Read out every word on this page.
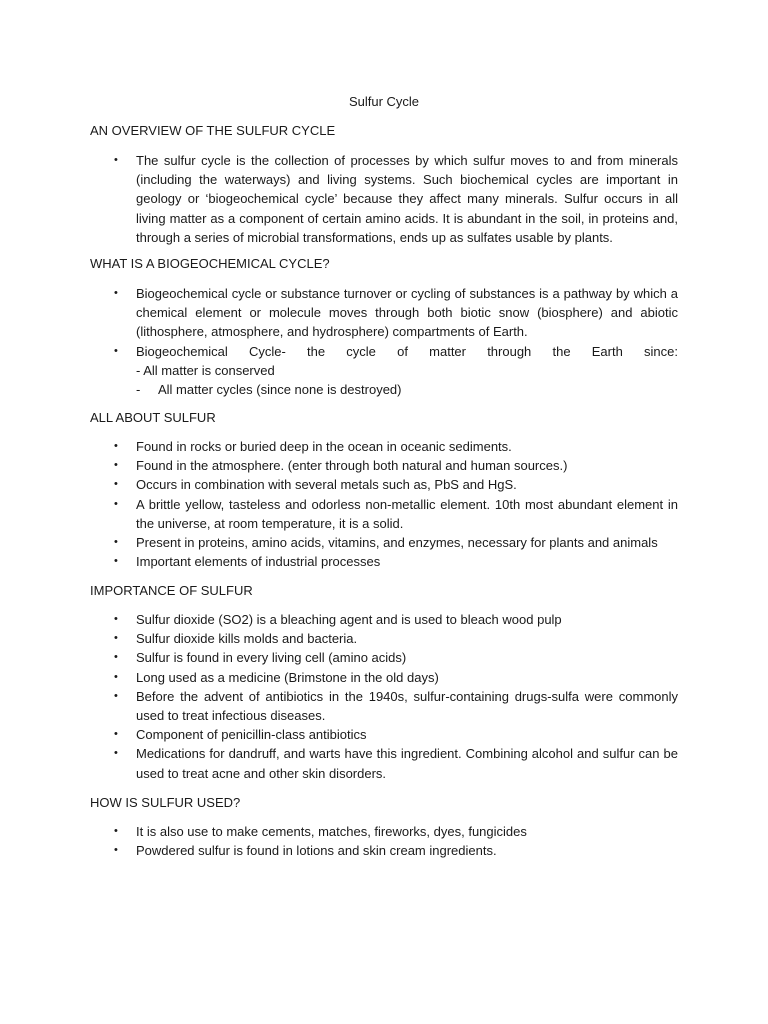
Sulfur Cycle
AN OVERVIEW OF THE SULFUR CYCLE
• The sulfur cycle is the collection of processes by which sulfur moves to and from minerals (including the waterways) and living systems. Such biochemical cycles are important in geology or ‘biogeochemical cycle’ because they affect many minerals. Sulfur occurs in all living matter as a component of certain amino acids. It is abundant in the soil, in proteins and, through a series of microbial transformations, ends up as sulfates usable by plants.
WHAT IS A BIOGEOCHEMICAL CYCLE?
• Biogeochemical cycle or substance turnover or cycling of substances is a pathway by which a chemical element or molecule moves through both biotic snow (biosphere) and abiotic (lithosphere, atmosphere, and hydrosphere) compartments of Earth.
• Biogeochemical Cycle- the cycle of matter through the Earth since:
- All matter is conserved
- All matter cycles (since none is destroyed)
ALL ABOUT SULFUR
• Found in rocks or buried deep in the ocean in oceanic sediments.
• Found in the atmosphere. (enter through both natural and human sources.)
• Occurs in combination with several metals such as, PbS and HgS.
• A brittle yellow, tasteless and odorless non-metallic element. 10th most abundant element in the universe, at room temperature, it is a solid.
• Present in proteins, amino acids, vitamins, and enzymes, necessary for plants and animals
• Important elements of industrial processes
IMPORTANCE OF SULFUR
• Sulfur dioxide (SO2) is a bleaching agent and is used to bleach wood pulp
• Sulfur dioxide kills molds and bacteria.
• Sulfur is found in every living cell (amino acids)
• Long used as a medicine (Brimstone in the old days)
• Before the advent of antibiotics in the 1940s, sulfur-containing drugs-sulfa were commonly used to treat infectious diseases.
• Component of penicillin-class antibiotics
• Medications for dandruff, and warts have this ingredient. Combining alcohol and sulfur can be used to treat acne and other skin disorders.
HOW IS SULFUR USED?
• It is also use to make cements, matches, fireworks, dyes, fungicides
• Powdered sulfur is found in lotions and skin cream ingredients.
